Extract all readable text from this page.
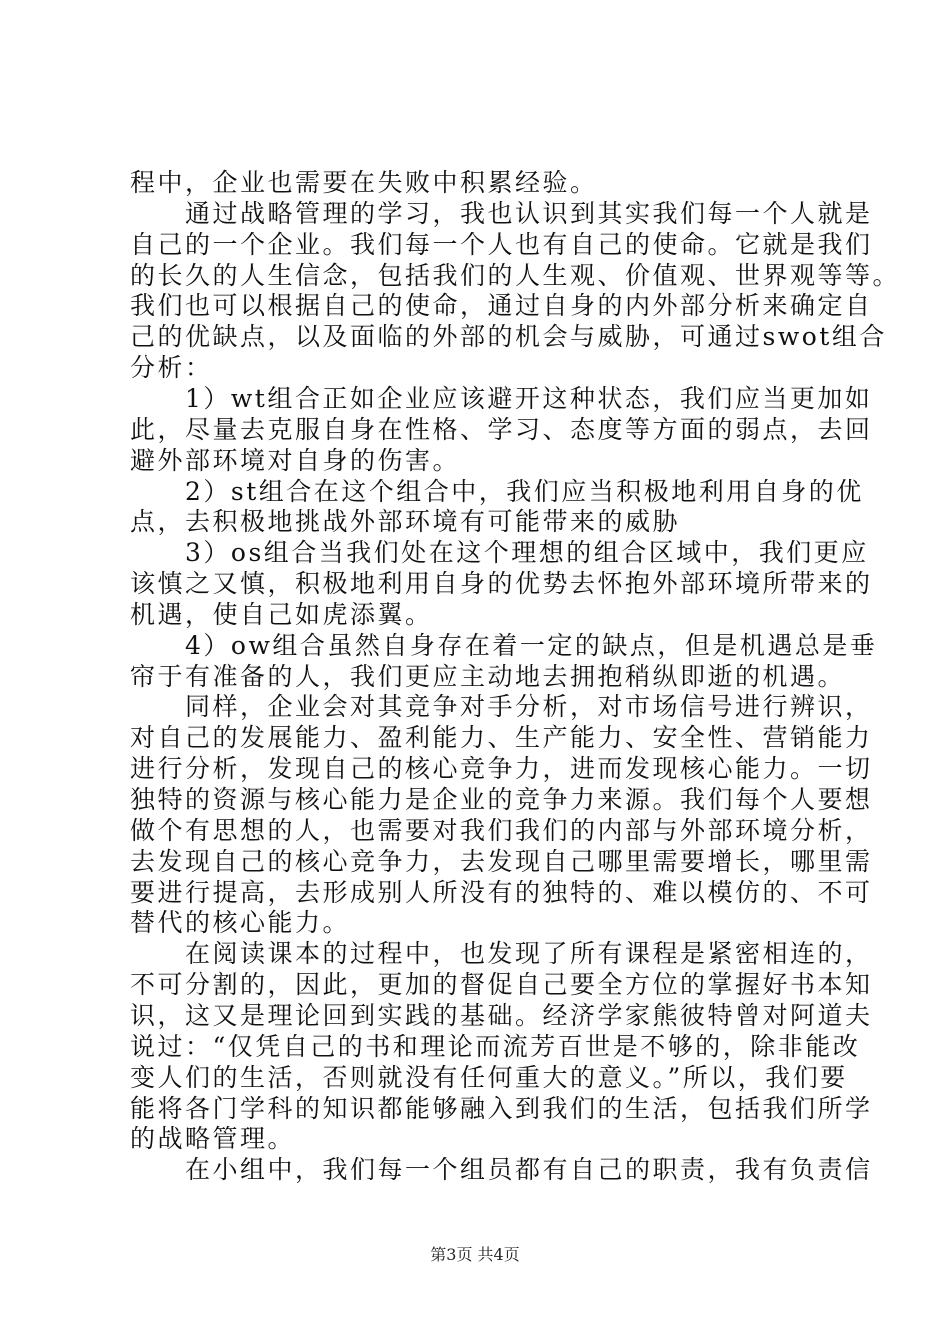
程中，企业也需要在失败中积累经验。
　　通过战略管理的学习，我也认识到其实我们每一个人就是
自己的一个企业。我们每一个人也有自己的使命。它就是我们
的长久的人生信念，包括我们的人生观、价值观、世界观等等。
我们也可以根据自己的使命，通过自身的内外部分析来确定自
己的优缺点，以及面临的外部的机会与威胁，可通过swot组合
分析：
　　1）wt组合正如企业应该避开这种状态，我们应当更加如
此，尽量去克服自身在性格、学习、态度等方面的弱点，去回
避外部环境对自身的伤害。
　　2）st组合在这个组合中，我们应当积极地利用自身的优
点，去积极地挑战外部环境有可能带来的威胁
　　3）os组合当我们处在这个理想的组合区域中，我们更应
该慎之又慎，积极地利用自身的优势去怀抱外部环境所带来的
机遇，使自己如虎添翼。
　　4）ow组合虽然自身存在着一定的缺点，但是机遇总是垂
帘于有准备的人，我们更应主动地去拥抱稍纵即逝的机遇。
　　同样，企业会对其竞争对手分析，对市场信号进行辨识，
对自己的发展能力、盈利能力、生产能力、安全性、营销能力
进行分析，发现自己的核心竞争力，进而发现核心能力。一切
独特的资源与核心能力是企业的竞争力来源。我们每个人要想
做个有思想的人，也需要对我们我们的内部与外部环境分析，
去发现自己的核心竞争力，去发现自己哪里需要增长，哪里需
要进行提高，去形成别人所没有的独特的、难以模仿的、不可
替代的核心能力。
　　在阅读课本的过程中，也发现了所有课程是紧密相连的，
不可分割的，因此，更加的督促自己要全方位的掌握好书本知
识，这又是理论回到实践的基础。经济学家熊彼特曾对阿道夫
说过：“仅凭自己的书和理论而流芳百世是不够的，除非能改
变人们的生活，否则就没有任何重大的意义。”所以，我们要
能将各门学科的知识都能够融入到我们的生活，包括我们所学
的战略管理。
　　在小组中，我们每一个组员都有自己的职责，我有负责信
第3页 共4页
